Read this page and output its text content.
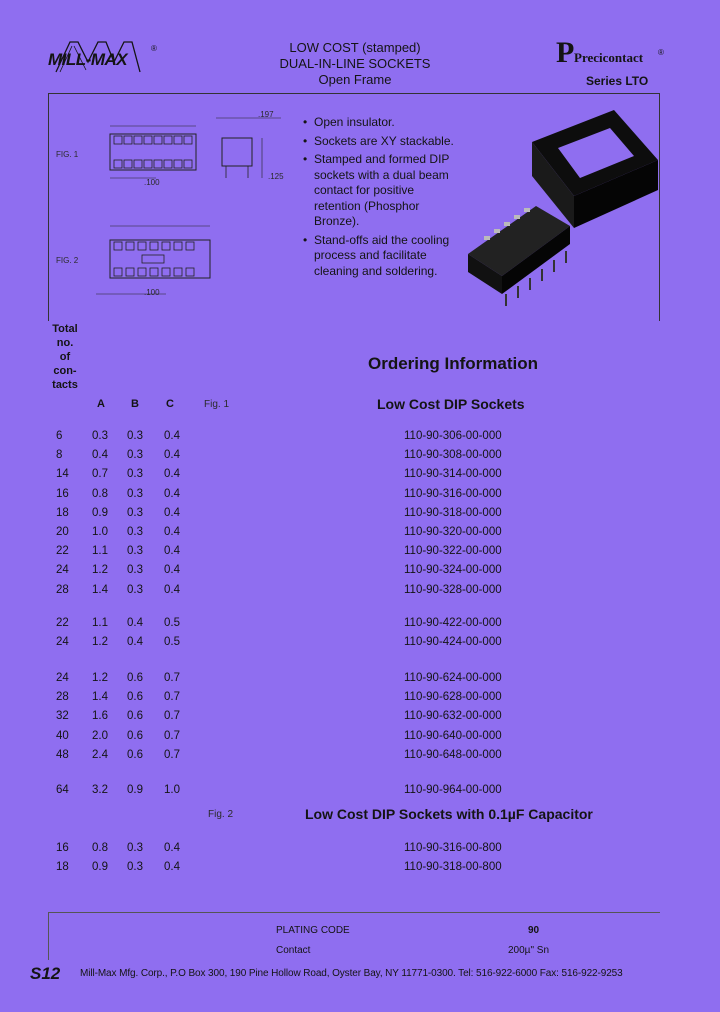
MILL-MAX
®	LOW COST (stamped)
DUAL-IN-LINE SOCKETS
Open Frame
P Precicontact ®
Series LTO
FIG. 1
FIG. 2
.100
.197
.125
.100
• Open insulator.
• Sockets are XY stackable.
• Stamped and formed DIP sockets with a dual beam contact for positive retention (Phosphor Bronze).
• Stand-offs aid the cooling process and facilitate cleaning and soldering.
Total
no.
of
con-
tacts
Ordering Information
A B C	Fig. 1	Low Cost DIP Sockets
6	0.3 0.3 0.4	110-90-306-00-000
8	0.4 0.3 0.4	110-90-308-00-000
14 0.7 0.3 0.4	110-90-314-00-000
16 0.8 0.3 0.4	110-90-316-00-000
18 0.9 0.3 0.4	110-90-318-00-000
20 1.0 0.3 0.4	110-90-320-00-000
22 1.1 0.3 0.4	110-90-322-00-000
24 1.2 0.3 0.4	110-90-324-00-000
28 1.4 0.3 0.4	110-90-328-00-000
22 1.1 0.4 0.5	110-90-422-00-000
24 1.2 0.4 0.5	110-90-424-00-000
24 1.2 0.6 0.7	110-90-624-00-000
28 1.4 0.6 0.7	110-90-628-00-000
32 1.6 0.6 0.7	110-90-632-00-000
40 2.0 0.6 0.7	110-90-640-00-000
48 2.4 0.6 0.7	110-90-648-00-000
64 3.2 0.9 1.0	110-90-964-00-000
Fig. 2	Low Cost DIP Sockets with 0.1µF Capacitor
16 0.8 0.3 0.4	110-90-316-00-800
18 0.9 0.3 0.4	110-90-318-00-800
PLATING CODE	90
Contact	200µ" Sn
S12 Mill-Max Mfg. Corp., P.O Box 300, 190 Pine Hollow Road, Oyster Bay, NY 11771-0300. Tel: 516-922-6000 Fax: 516-922-9253
